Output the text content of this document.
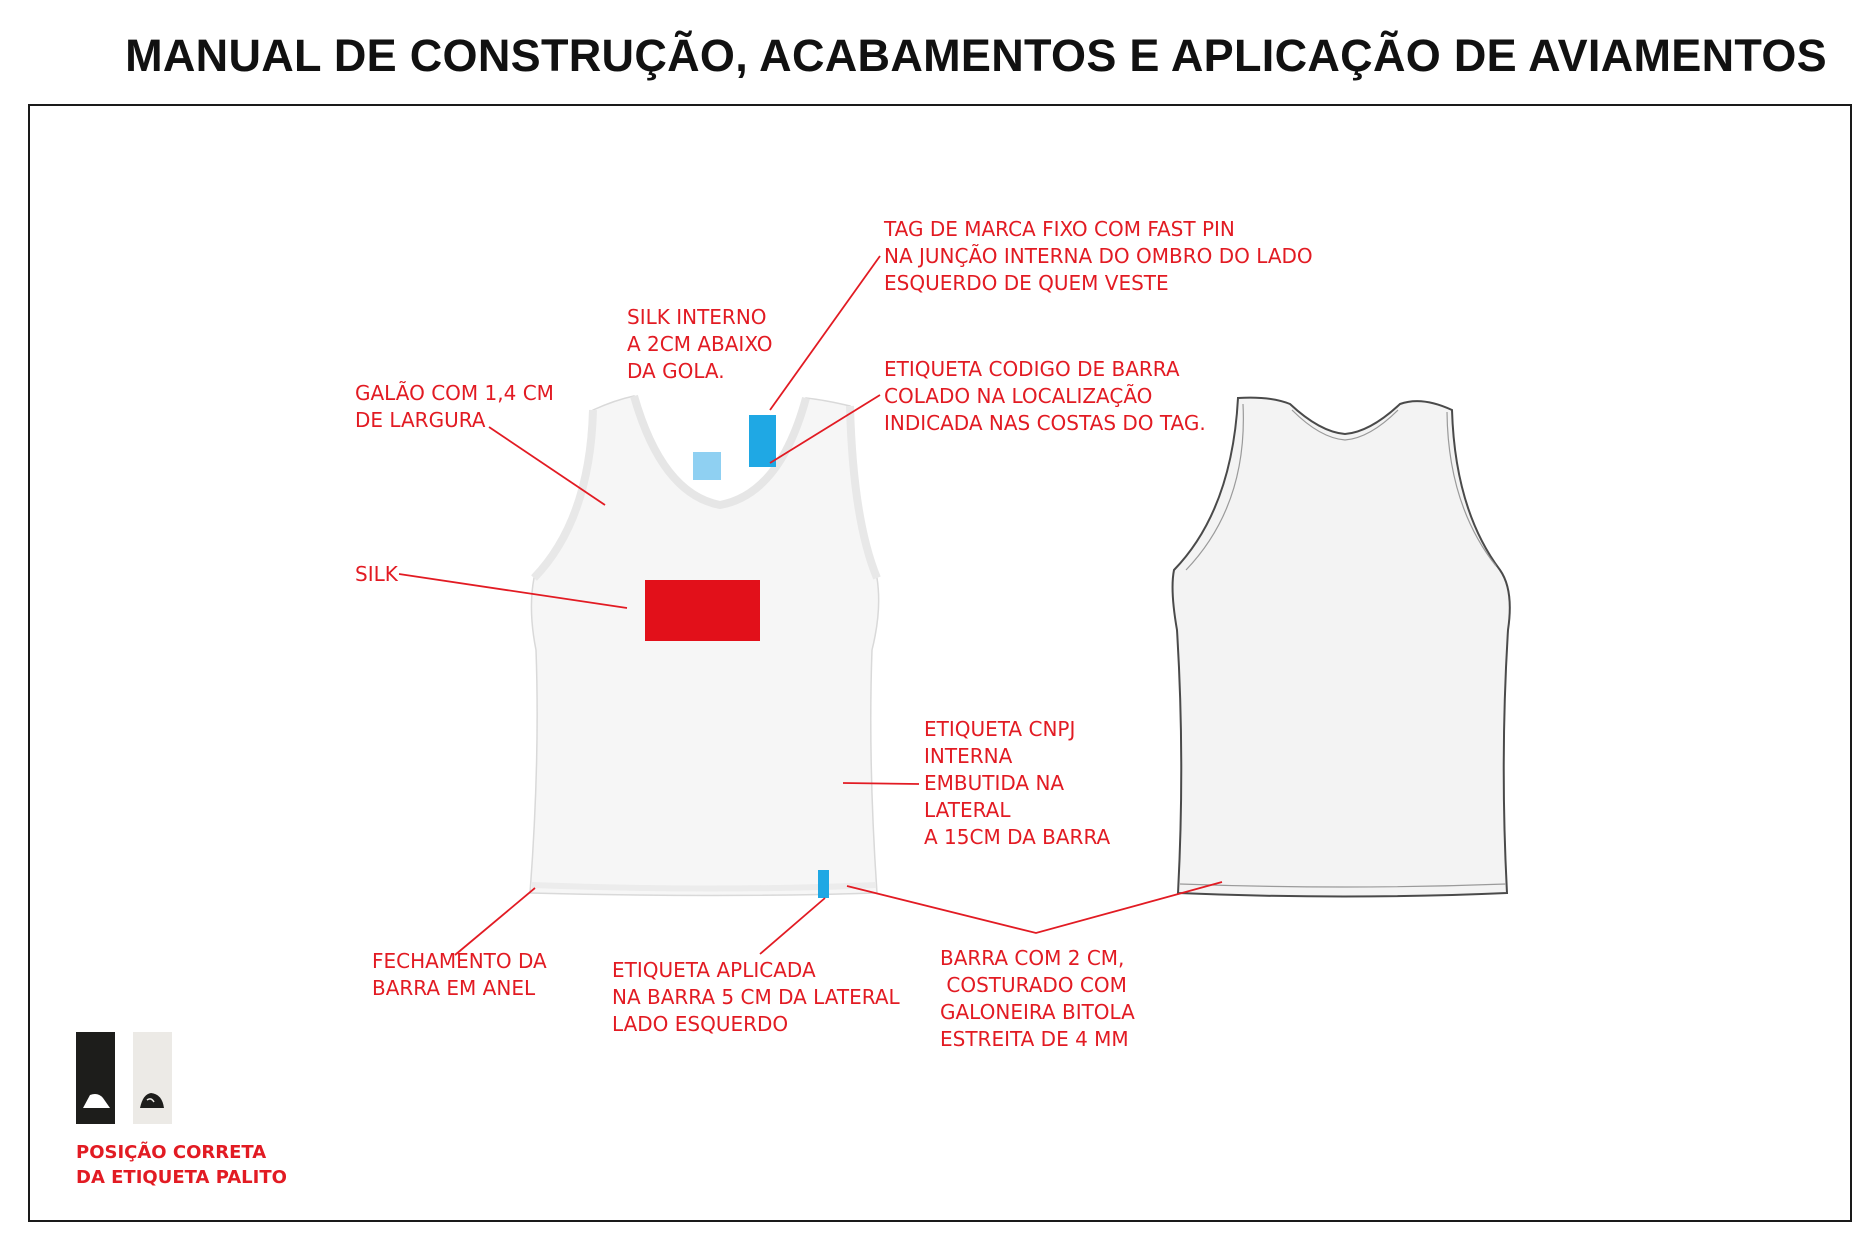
MANUAL DE CONSTRUÇÃO, ACABAMENTOS E APLICAÇÃO DE AVIAMENTOS
TAG DE MARCA FIXO COM FAST PIN
NA JUNÇÃO INTERNA DO OMBRO DO LADO
ESQUERDO DE QUEM VESTE
SILK INTERNO
A 2CM ABAIXO
DA GOLA.	ETIQUETA CODIGO DE BARRA
COLADO NA LOCALIZAÇÃO
INDICADA NAS COSTAS DO TAG.
GALÃO COM 1,4 CM
DE LARGURA
SILK
ETIQUETA CNPJ
INTERNA
EMBUTIDA NA
LATERAL
A 15CM DA BARRA
FECHAMENTO DA
BARRA EM ANEL
ETIQUETA APLICADA
NA BARRA 5 CM DA LATERAL
LADO ESQUERDO
BARRA COM 2 CM,
COSTURADO COM
GALONEIRA BITOLA
ESTREITA DE 4 MM
POSIÇÃO CORRETA
DA ETIQUETA PALITO
